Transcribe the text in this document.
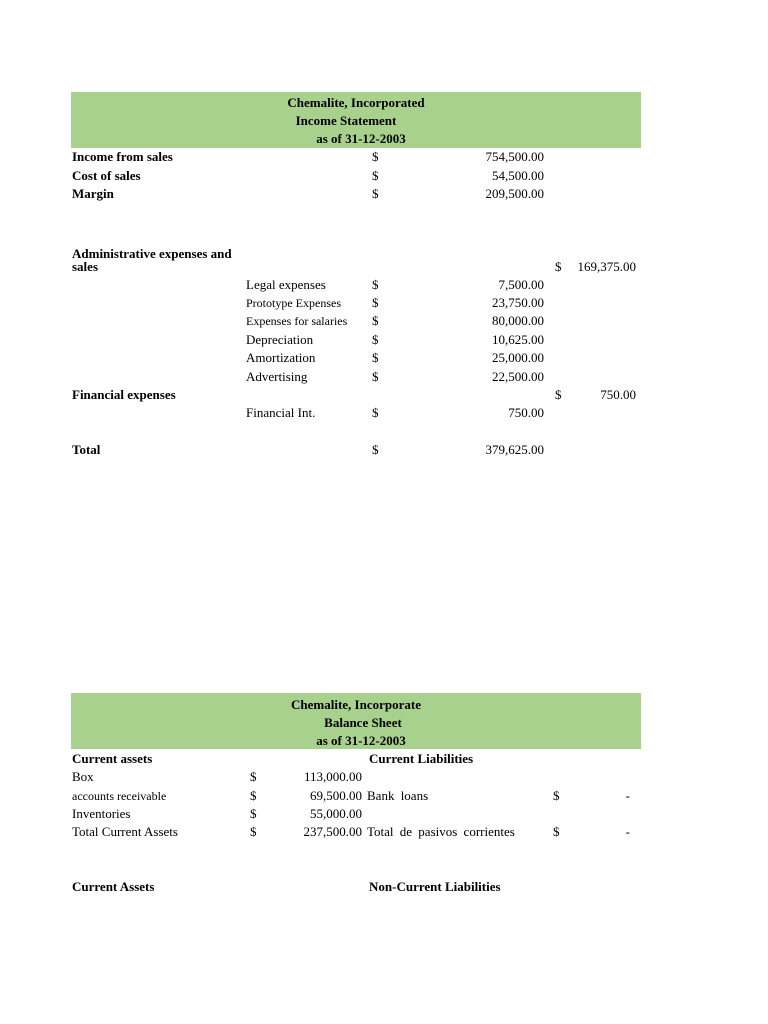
Chemalite, Incorporated
Income Statement
as of 31-12-2003
Income from sales	$	754,500.00
Cost of sales	$	54,500.00
Margin	$	209,500.00
Administrative expenses and sales	$	169,375.00
Legal expenses	$	7,500.00
Prototype Expenses $	23,750.00
Expenses for salaries $	80,000.00
Depreciation	$	10,625.00
Amortization	$	25,000.00
Advertising	$	22,500.00
Financial expenses	$	750.00
Financial Int.	$	750.00
Total	$	379,625.00
Chemalite, Incorporate
Balance Sheet
as of 31-12-2003
Current assets	Current Liabilities
Box	$	113,000.00
accounts receivable	$	69,500.00 Bank loans	$	-
Inventories	$	55,000.00
Total Current Assets	$	237,500.00 Total de pasivos corrientes	$	-
Current Assets	Non-Current Liabilities
